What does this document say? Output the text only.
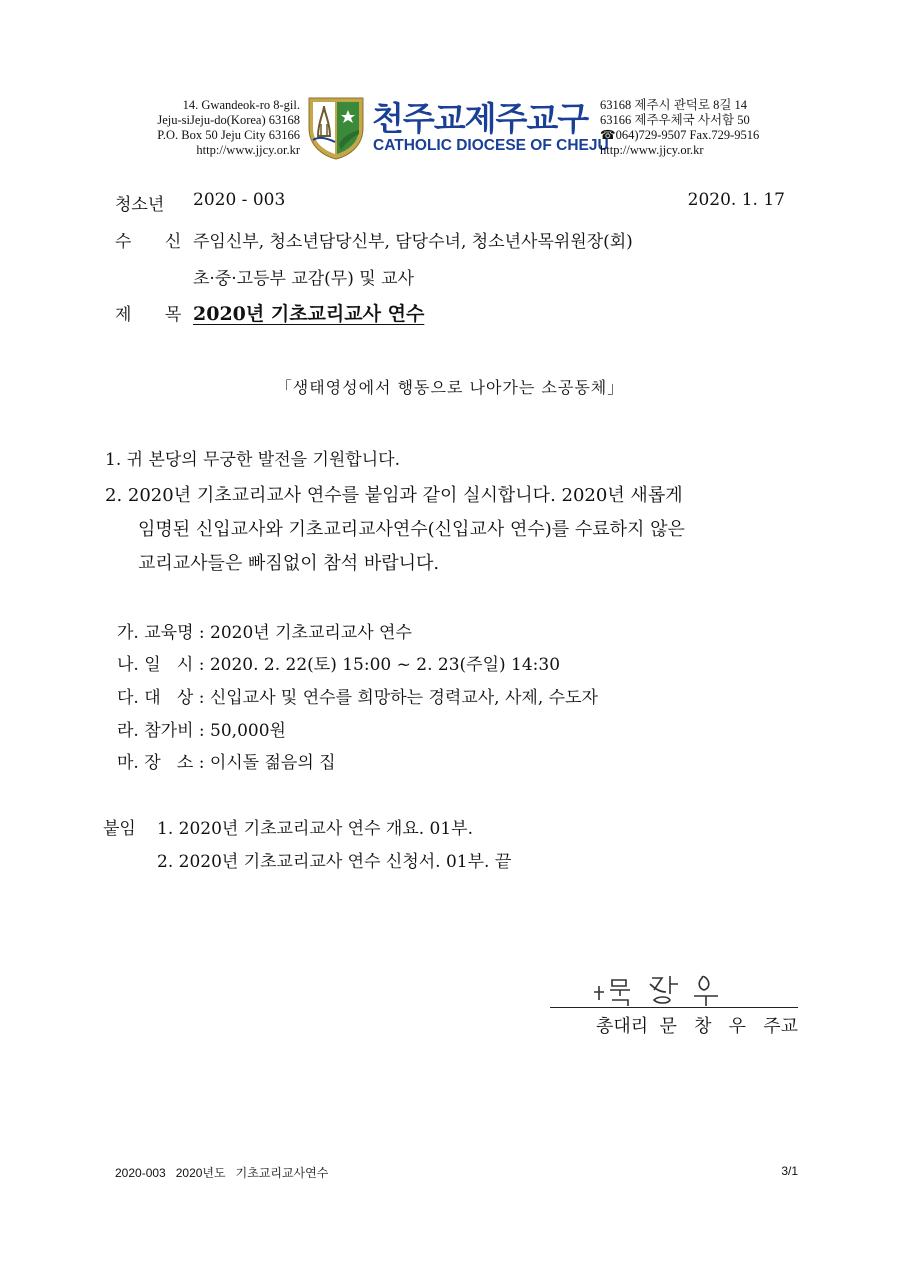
14. Gwandeok-ro 8-gil.
Jeju-siJeju-do(Korea) 63168
P.O. Box 50 Jeju City 63166
http://www.jjcy.or.kr
천주교제주교구
CATHOLIC DIOCESE OF CHEJU
63168 제주시 관덕로 8길 14
63166 제주우체국 사서함 50
☎064)729-9507 Fax.729-9516
http://www.jjcy.or.kr
청소년 2020 - 003	2020. 1. 17
수 신
주임신부, 청소년담당신부, 담당수녀, 청소년사목위원장(회)
초·중·고등부 교감(무) 및 교사
제 목
2020년 기초교리교사 연수
「생태영성에서 행동으로 나아가는 소공동체」
1. 귀 본당의 무궁한 발전을 기원합니다.
2. 2020년 기초교리교사 연수를 붙임과 같이 실시합니다. 2020년 새롭게
임명된 신입교사와 기초교리교사연수(신입교사 연수)를 수료하지 않은
교리교사들은 빠짐없이 참석 바랍니다.
가. 교육명 : 2020년 기초교리교사 연수
나. 일   시 : 2020. 2. 22(토) 15:00 ~ 2. 23(주일) 14:30
다. 대   상 : 신입교사 및 연수를 희망하는 경력교사, 사제, 수도자
라. 참가비 : 50,000원
마. 장   소 : 이시돌 젊음의 집
붙임 1. 2020년 기초교리교사 연수 개요. 01부.
2. 2020년 기초교리교사 연수 신청서. 01부. 끝
총대리  문   창   우   주교
2020-003   2020년도   기초교리교사연수	3/1
